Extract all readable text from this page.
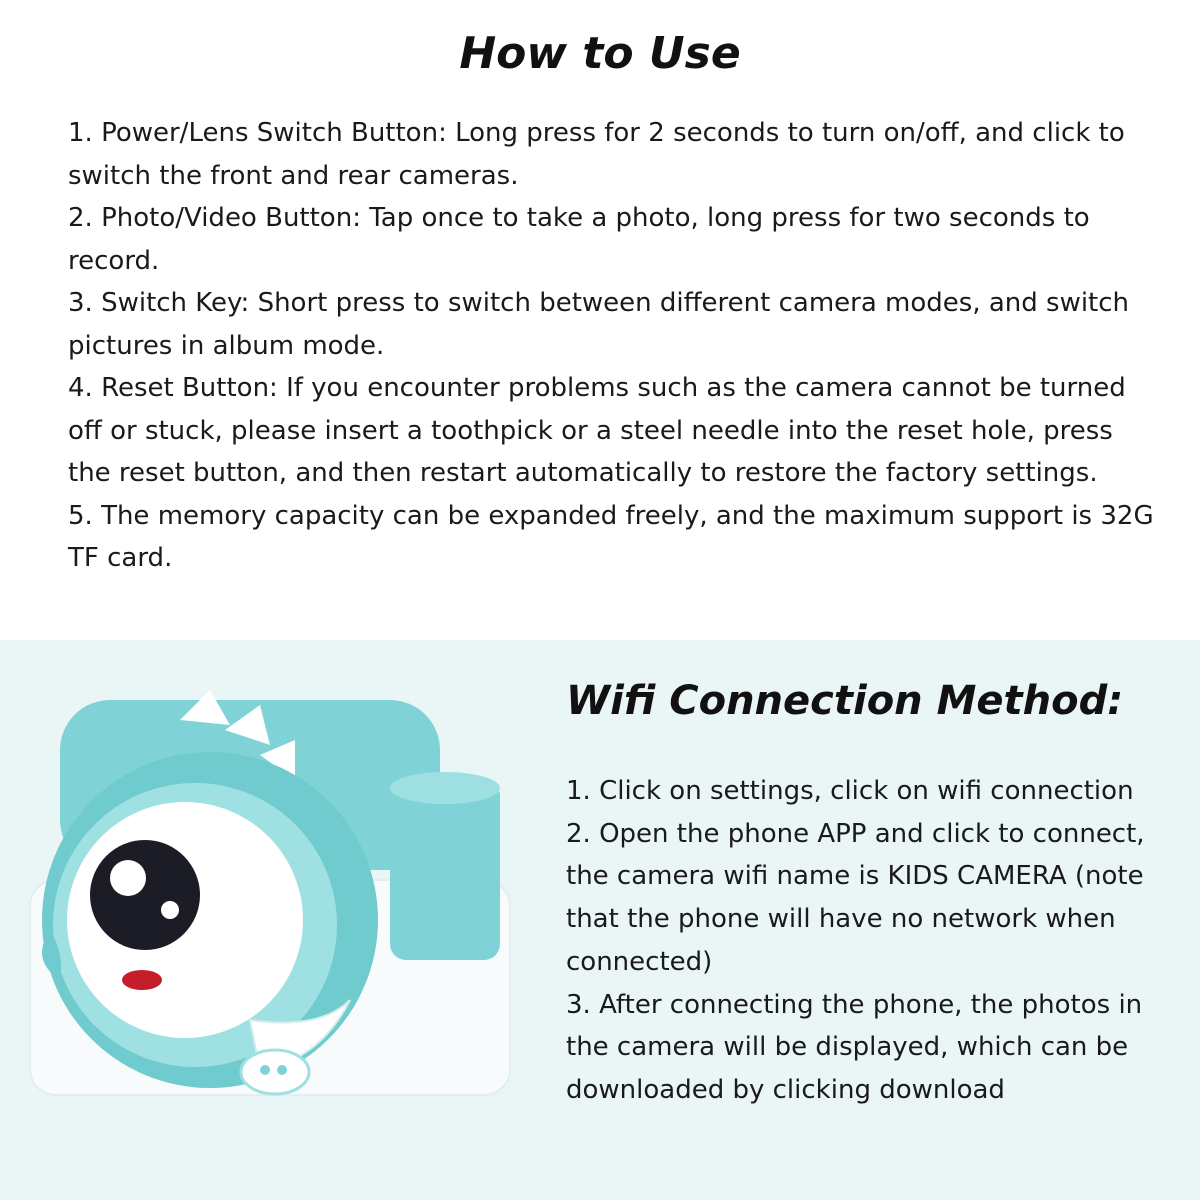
How to Use
1. Power/Lens Switch Button: Long press for 2 seconds to turn on/off, and click to switch the front and rear cameras.
2. Photo/Video Button: Tap once to take a photo, long press for two seconds to record.
3. Switch Key: Short press to switch between different camera modes, and switch pictures in album mode.
4. Reset Button: If you encounter problems such as the camera cannot be turned off or stuck, please insert a toothpick or a steel needle into the reset hole, press the reset button, and then restart automatically to restore the factory settings.
5. The memory capacity can be expanded freely, and the maximum support is 32G TF card.
Wifi Connection Method:
1. Click on settings, click on wifi connection
2. Open the phone APP and click to connect, the camera wifi name is KIDS CAMERA (note that the phone will have no network when connected)
3. After connecting the phone, the photos in the camera will be displayed, which can be downloaded by clicking download
